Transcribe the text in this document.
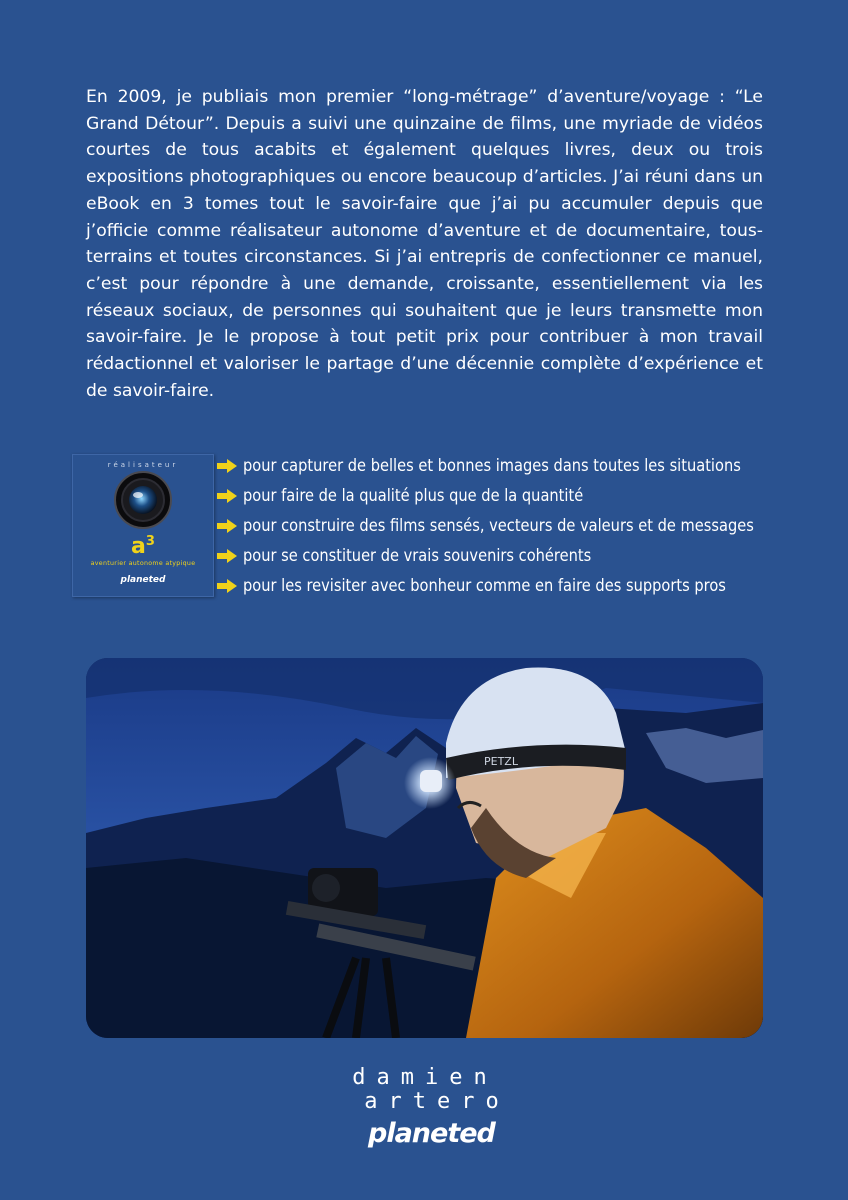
En 2009, je publiais mon premier “long-métrage” d’aventure/voyage : “Le Grand Détour”. Depuis a suivi une quinzaine de films, une myriade de vidéos courtes de tous acabits et également quelques livres, deux ou trois expositions photographiques ou encore beaucoup d’articles. J’ai réuni dans un eBook en 3 tomes tout le savoir-faire que j’ai pu accumuler depuis que j’officie comme réalisateur autonome d’aventure et de documentaire, tous-terrains et toutes circonstances. Si j’ai entrepris de confectionner ce manuel, c’est pour répondre à une demande, croissante, essentiellement via les réseaux sociaux, de personnes qui souhaitent que je leurs transmette mon savoir-faire. Je le propose à tout petit prix pour contribuer à mon travail rédactionnel et valoriser le partage d’une décennie complète d’expérience et de savoir-faire.

réalisateur
$a^3$
aventurier autonome atypique
planeted
pour capturer de belles et bonnes images dans toutes les situations
pour faire de la qualité plus que de la quantité
pour construire des films sensés, vecteurs de valeurs et de messages
pour se constituer de vrais souvenirs cohérents
pour les revisiter avec bonheur comme en faire des supports pros
PETZL
damien
artero
planeted
